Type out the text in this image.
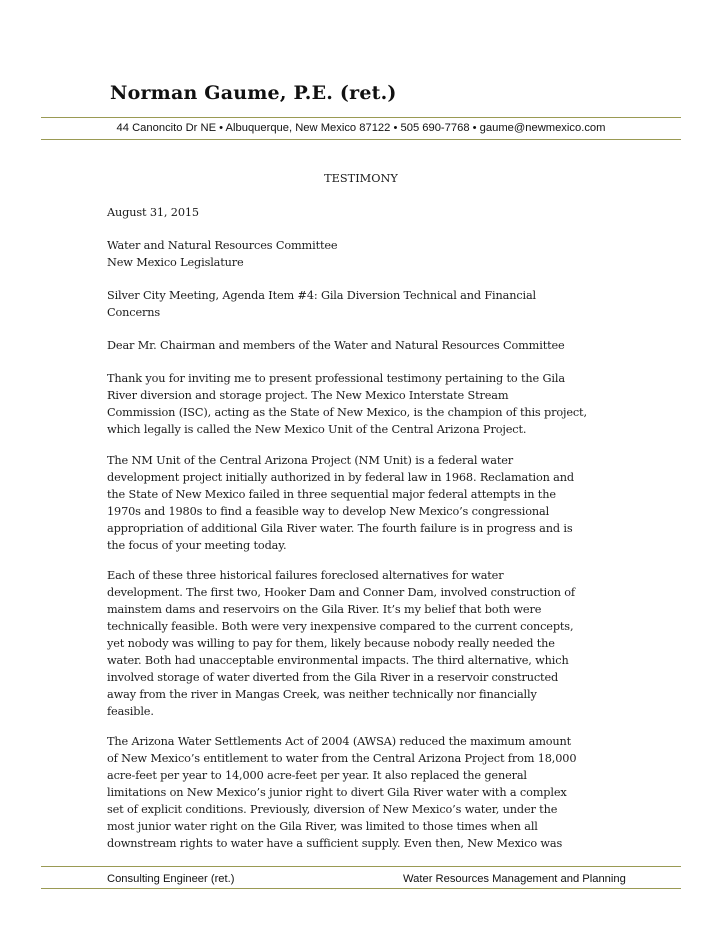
Norman Gaume, P.E. (ret.)
44 Canoncito Dr NE • Albuquerque, New Mexico 87122 • 505 690-7768 • gaume@newmexico.com
TESTIMONY
August 31, 2015
Water and Natural Resources Committee
New Mexico Legislature
Silver City Meeting, Agenda Item #4: Gila Diversion Technical and Financial
Concerns
Dear Mr. Chairman and members of the Water and Natural Resources Committee
Thank you for inviting me to present professional testimony pertaining to the Gila
River diversion and storage project. The New Mexico Interstate Stream
Commission (ISC), acting as the State of New Mexico, is the champion of this project,
which legally is called the New Mexico Unit of the Central Arizona Project.
The NM Unit of the Central Arizona Project (NM Unit) is a federal water
development project initially authorized in by federal law in 1968. Reclamation and
the State of New Mexico failed in three sequential major federal attempts in the
1970s and 1980s to find a feasible way to develop New Mexico’s congressional
appropriation of additional Gila River water. The fourth failure is in progress and is
the focus of your meeting today.
Each of these three historical failures foreclosed alternatives for water
development. The first two, Hooker Dam and Conner Dam, involved construction of
mainstem dams and reservoirs on the Gila River. It’s my belief that both were
technically feasible. Both were very inexpensive compared to the current concepts,
yet nobody was willing to pay for them, likely because nobody really needed the
water. Both had unacceptable environmental impacts. The third alternative, which
involved storage of water diverted from the Gila River in a reservoir constructed
away from the river in Mangas Creek, was neither technically nor financially
feasible.
The Arizona Water Settlements Act of 2004 (AWSA) reduced the maximum amount
of New Mexico’s entitlement to water from the Central Arizona Project from 18,000
acre-feet per year to 14,000 acre-feet per year. It also replaced the general
limitations on New Mexico’s junior right to divert Gila River water with a complex
set of explicit conditions. Previously, diversion of New Mexico’s water, under the
most junior water right on the Gila River, was limited to those times when all
downstream rights to water have a sufficient supply. Even then, New Mexico was
Consulting Engineer (ret.)	Water Resources Management and Planning
